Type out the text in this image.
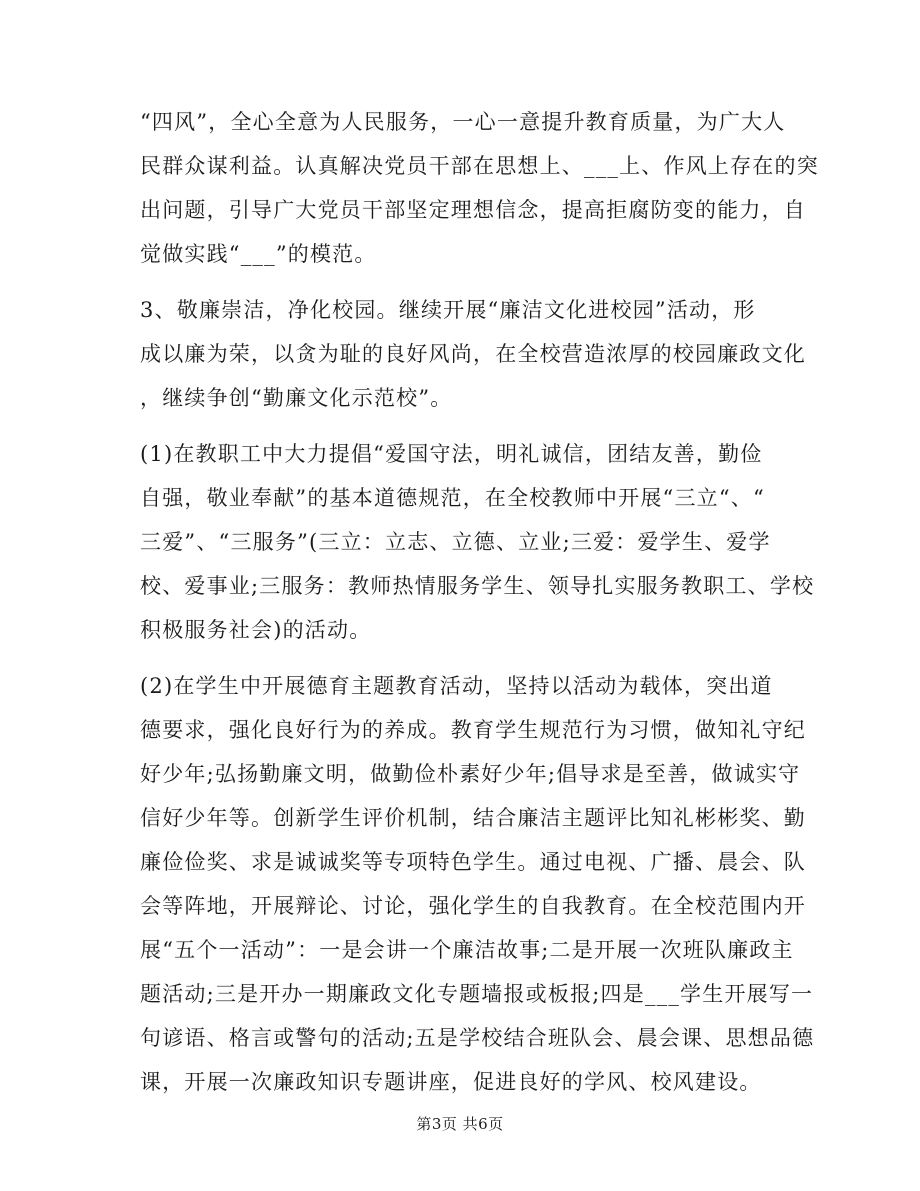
“四风”，全心全意为人民服务，一心一意提升教育质量，为广大人
民群众谋利益。认真解决党员干部在思想上、___上、作风上存在的突
出问题，引导广大党员干部坚定理想信念，提高拒腐防变的能力，自
觉做实践“___”的模范。
3、敬廉崇洁，净化校园。继续开展“廉洁文化进校园”活动，形
成以廉为荣，以贪为耻的良好风尚，在全校营造浓厚的校园廉政文化
，继续争创“勤廉文化示范校”。
(1)在教职工中大力提倡“爱国守法，明礼诚信，团结友善，勤俭
自强，敬业奉献”的基本道德规范，在全校教师中开展“三立“、“
三爱”、“三服务”(三立：立志、立德、立业;三爱：爱学生、爱学
校、爱事业;三服务：教师热情服务学生、领导扎实服务教职工、学校
积极服务社会)的活动。
(2)在学生中开展德育主题教育活动，坚持以活动为载体，突出道
德要求，强化良好行为的养成。教育学生规范行为习惯，做知礼守纪
好少年;弘扬勤廉文明，做勤俭朴素好少年;倡导求是至善，做诚实守
信好少年等。创新学生评价机制，结合廉洁主题评比知礼彬彬奖、勤
廉俭俭奖、求是诚诚奖等专项特色学生。通过电视、广播、晨会、队
会等阵地，开展辩论、讨论，强化学生的自我教育。在全校范围内开
展“五个一活动”：一是会讲一个廉洁故事;二是开展一次班队廉政主
题活动;三是开办一期廉政文化专题墙报或板报;四是___学生开展写一
句谚语、格言或警句的活动;五是学校结合班队会、晨会课、思想品德
课，开展一次廉政知识专题讲座，促进良好的学风、校风建设。
第3页 共6页
